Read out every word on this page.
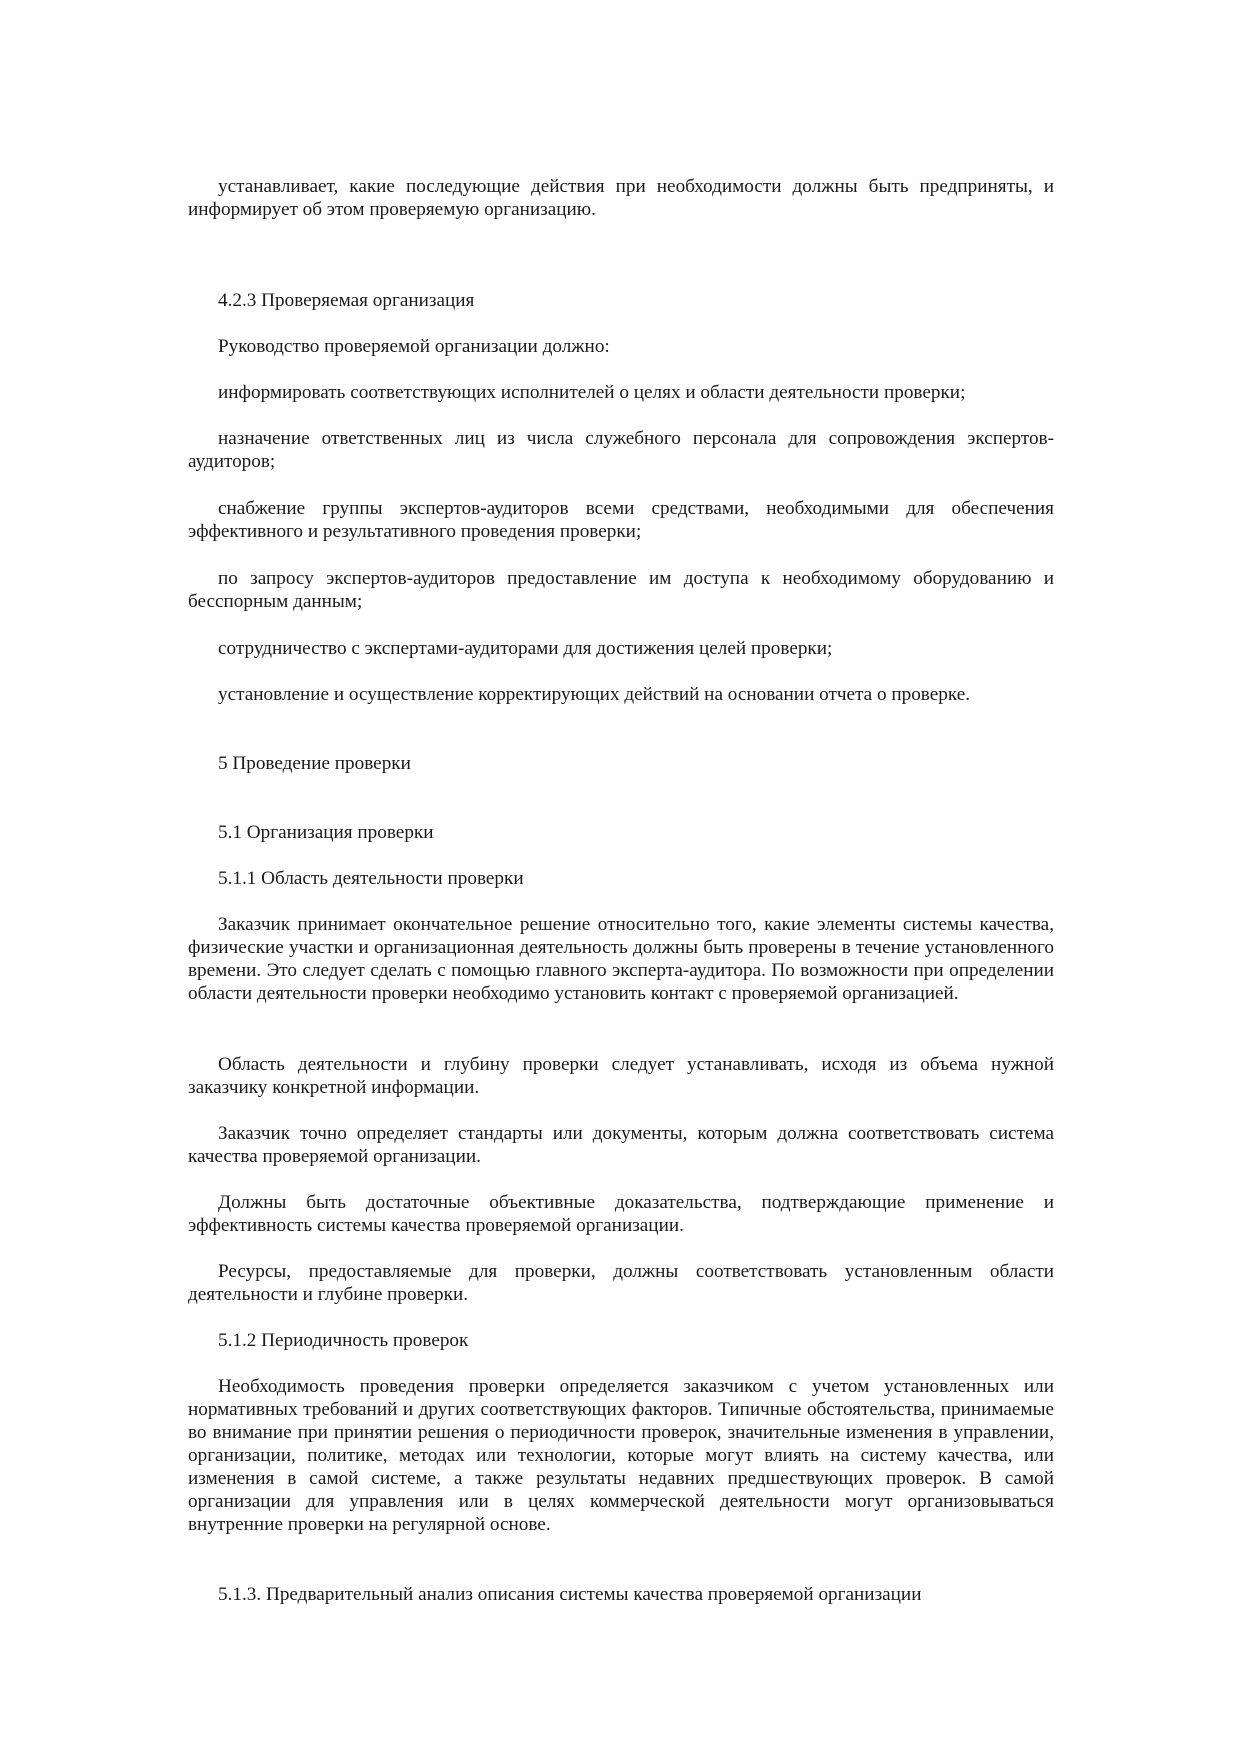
устанавливает, какие последующие действия при необходимости должны быть предприняты, и информирует об этом проверяемую организацию.

4.2.3 Проверяемая организация

Руководство проверяемой организации должно:

информировать соответствующих исполнителей о целях и области деятельности проверки;

назначение ответственных лиц из числа служебного персонала для сопровождения экспертов-аудиторов;

снабжение группы экспертов-аудиторов всеми средствами, необходимыми для обеспечения эффективного и результативного проведения проверки;

по запросу экспертов-аудиторов предоставление им доступа к необходимому оборудованию и бесспорным данным;

сотрудничество с экспертами-аудиторами для достижения целей проверки;

установление и осуществление корректирующих действий на основании отчета о проверке.

5 Проведение проверки

5.1 Организация проверки

5.1.1 Область деятельности проверки

Заказчик принимает окончательное решение относительно того, какие элементы системы качества, физические участки и организационная деятельность должны быть проверены в течение установленного времени. Это следует сделать с помощью главного эксперта-аудитора. По возможности при определении области деятельности проверки необходимо установить контакт с проверяемой организацией.

Область деятельности и глубину проверки следует устанавливать, исходя из объема нужной заказчику конкретной информации.

Заказчик точно определяет стандарты или документы, которым должна соответствовать система качества проверяемой организации.

Должны быть достаточные объективные доказательства, подтверждающие применение и эффективность системы качества проверяемой организации.

Ресурсы, предоставляемые для проверки, должны соответствовать установленным области деятельности и глубине проверки.

5.1.2 Периодичность проверок

Необходимость проведения проверки определяется заказчиком с учетом установленных или нормативных требований и других соответствующих факторов. Типичные обстоятельства, принимаемые во внимание при принятии решения о периодичности проверок, значительные изменения в управлении, организации, политике, методах или технологии, которые могут влиять на систему качества, или изменения в самой системе, а также результаты недавних предшествующих проверок. В самой организации для управления или в целях коммерческой деятельности могут организовываться внутренние проверки на регулярной основе.

5.1.3. Предварительный анализ описания системы качества проверяемой организации
